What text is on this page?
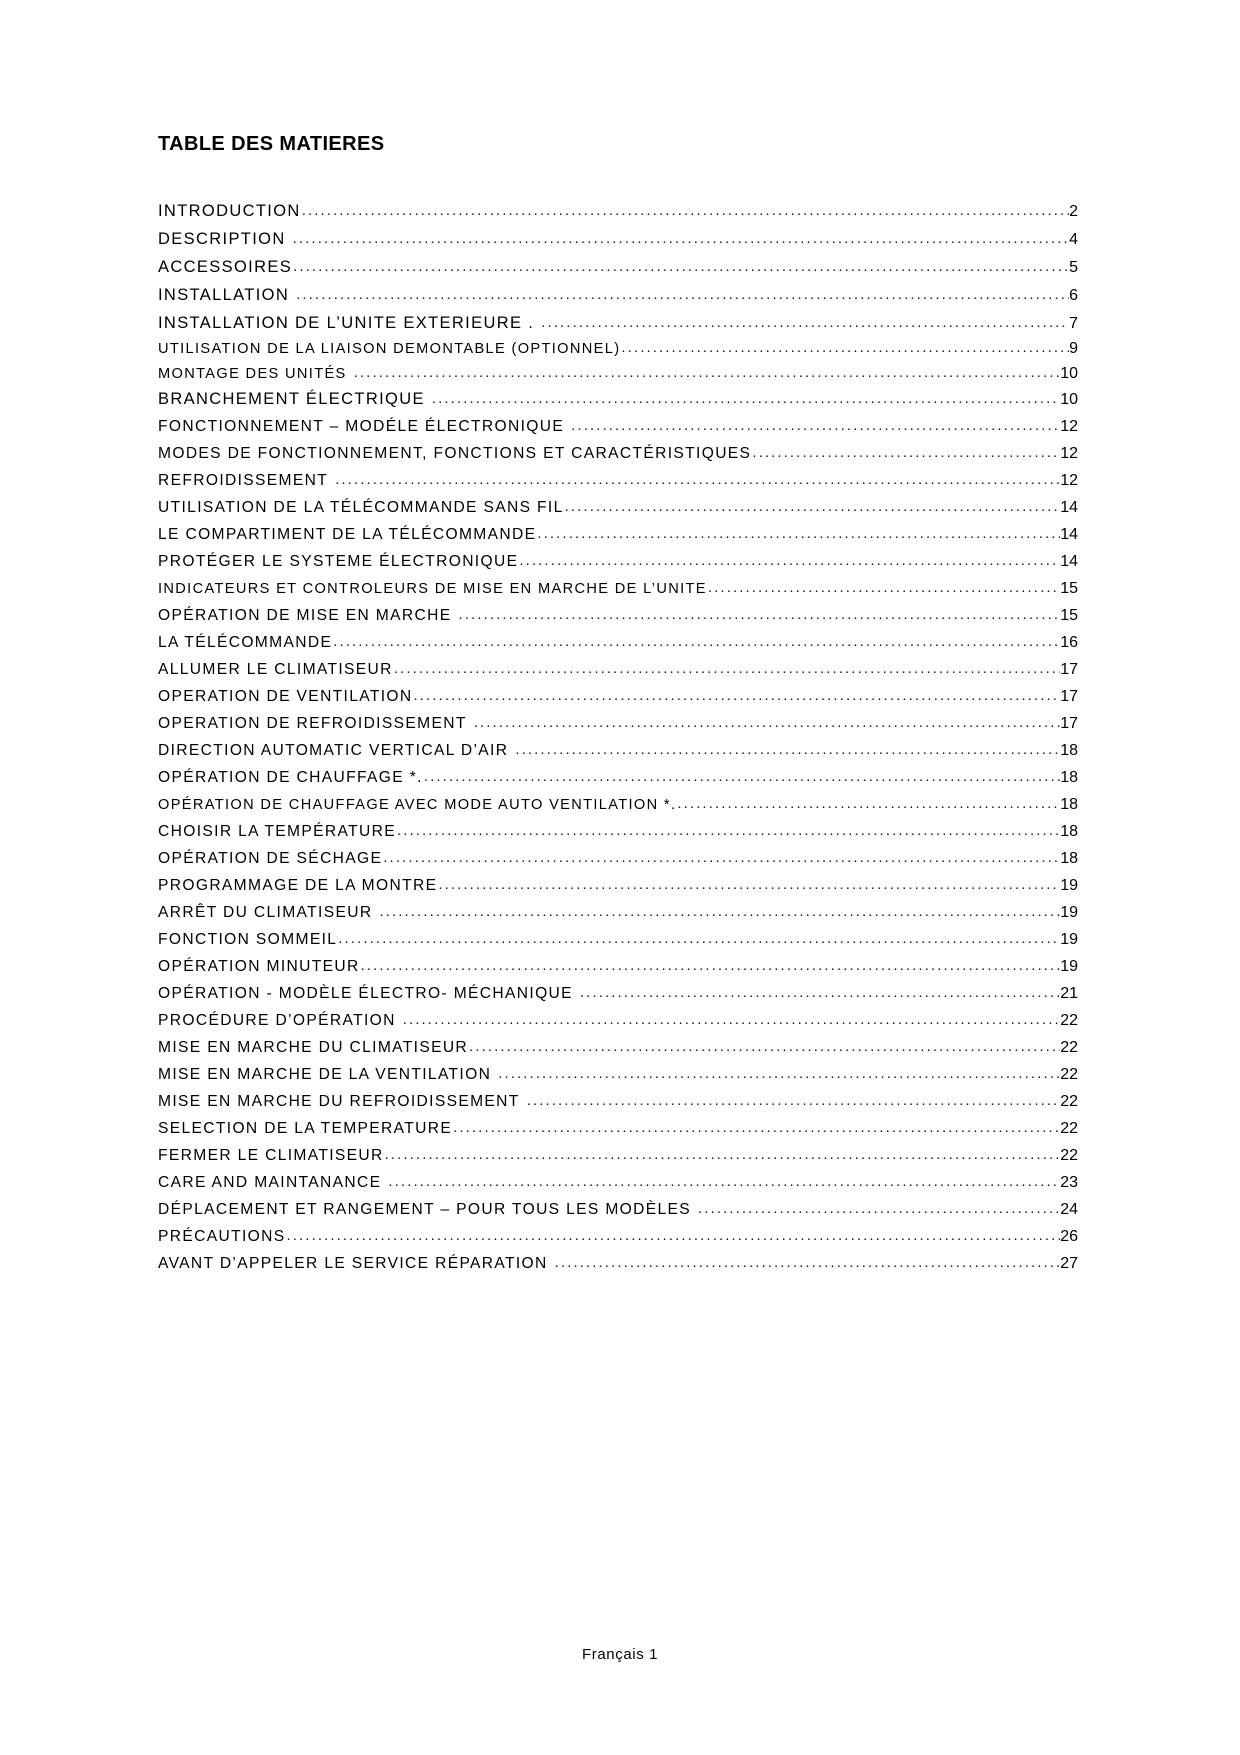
TABLE DES MATIERES
INTRODUCTION .....	2
DESCRIPTION .....	4
ACCESSOIRES .....	5
INSTALLATION .....	6
INSTALLATION DE L’UNITE EXTERIEURE . .....	7
UTILISATION DE LA LIAISON DEMONTABLE (OPTIONNEL) .....	9
MONTAGE DES UNITÉS .....	10
BRANCHEMENT ÉLECTRIQUE .....	10
FONCTIONNEMENT – MODÉLE ÉLECTRONIQUE .....	12
MODES DE FONCTIONNEMENT, FONCTIONS ET CARACTÉRISTIQUES .....	12
REFROIDISSEMENT .....	12
UTILISATION DE LA TÉLÉCOMMANDE SANS FIL .....	14
LE COMPARTIMENT DE LA TÉLÉCOMMANDE .....	14
PROTÉGER LE SYSTEME ÉLECTRONIQUE .....	14
INDICATEURS ET CONTROLEURS DE MISE EN MARCHE DE L’UNITE .....	15
OPÉRATION DE MISE EN MARCHE .....	15
LA TÉLÉCOMMANDE .....	16
ALLUMER LE CLIMATISEUR .....	17
OPERATION DE VENTILATION .....	17
OPERATION DE REFROIDISSEMENT .....	17
DIRECTION AUTOMATIC VERTICAL D’AIR .....	18
OPÉRATION DE CHAUFFAGE *. .....	18
OPÉRATION DE CHAUFFAGE AVEC MODE AUTO VENTILATION *. .....	18
CHOISIR LA TEMPÉRATURE .....	18
OPÉRATION DE SÉCHAGE .....	18
PROGRAMMAGE DE LA MONTRE .....	19
ARRÊT DU CLIMATISEUR .....	19
FONCTION SOMMEIL .....	19
OPÉRATION MINUTEUR .....	19
OPÉRATION - MODÈLE ÉLECTRO- MÉCHANIQUE .....	21
PROCÉDURE D’OPÉRATION .....	22
MISE EN MARCHE DU CLIMATISEUR .....	22
MISE EN MARCHE DE LA VENTILATION .....	22
MISE EN MARCHE DU REFROIDISSEMENT .....	22
SELECTION DE LA TEMPERATURE .....	22
FERMER LE CLIMATISEUR .....	22
CARE AND MAINTANANCE .....	23
DÉPLACEMENT ET RANGEMENT – POUR TOUS LES MODÈLES .....	24
PRÉCAUTIONS .....	26
AVANT D’APPELER LE SERVICE RÉPARATION .....	27
Français 1
